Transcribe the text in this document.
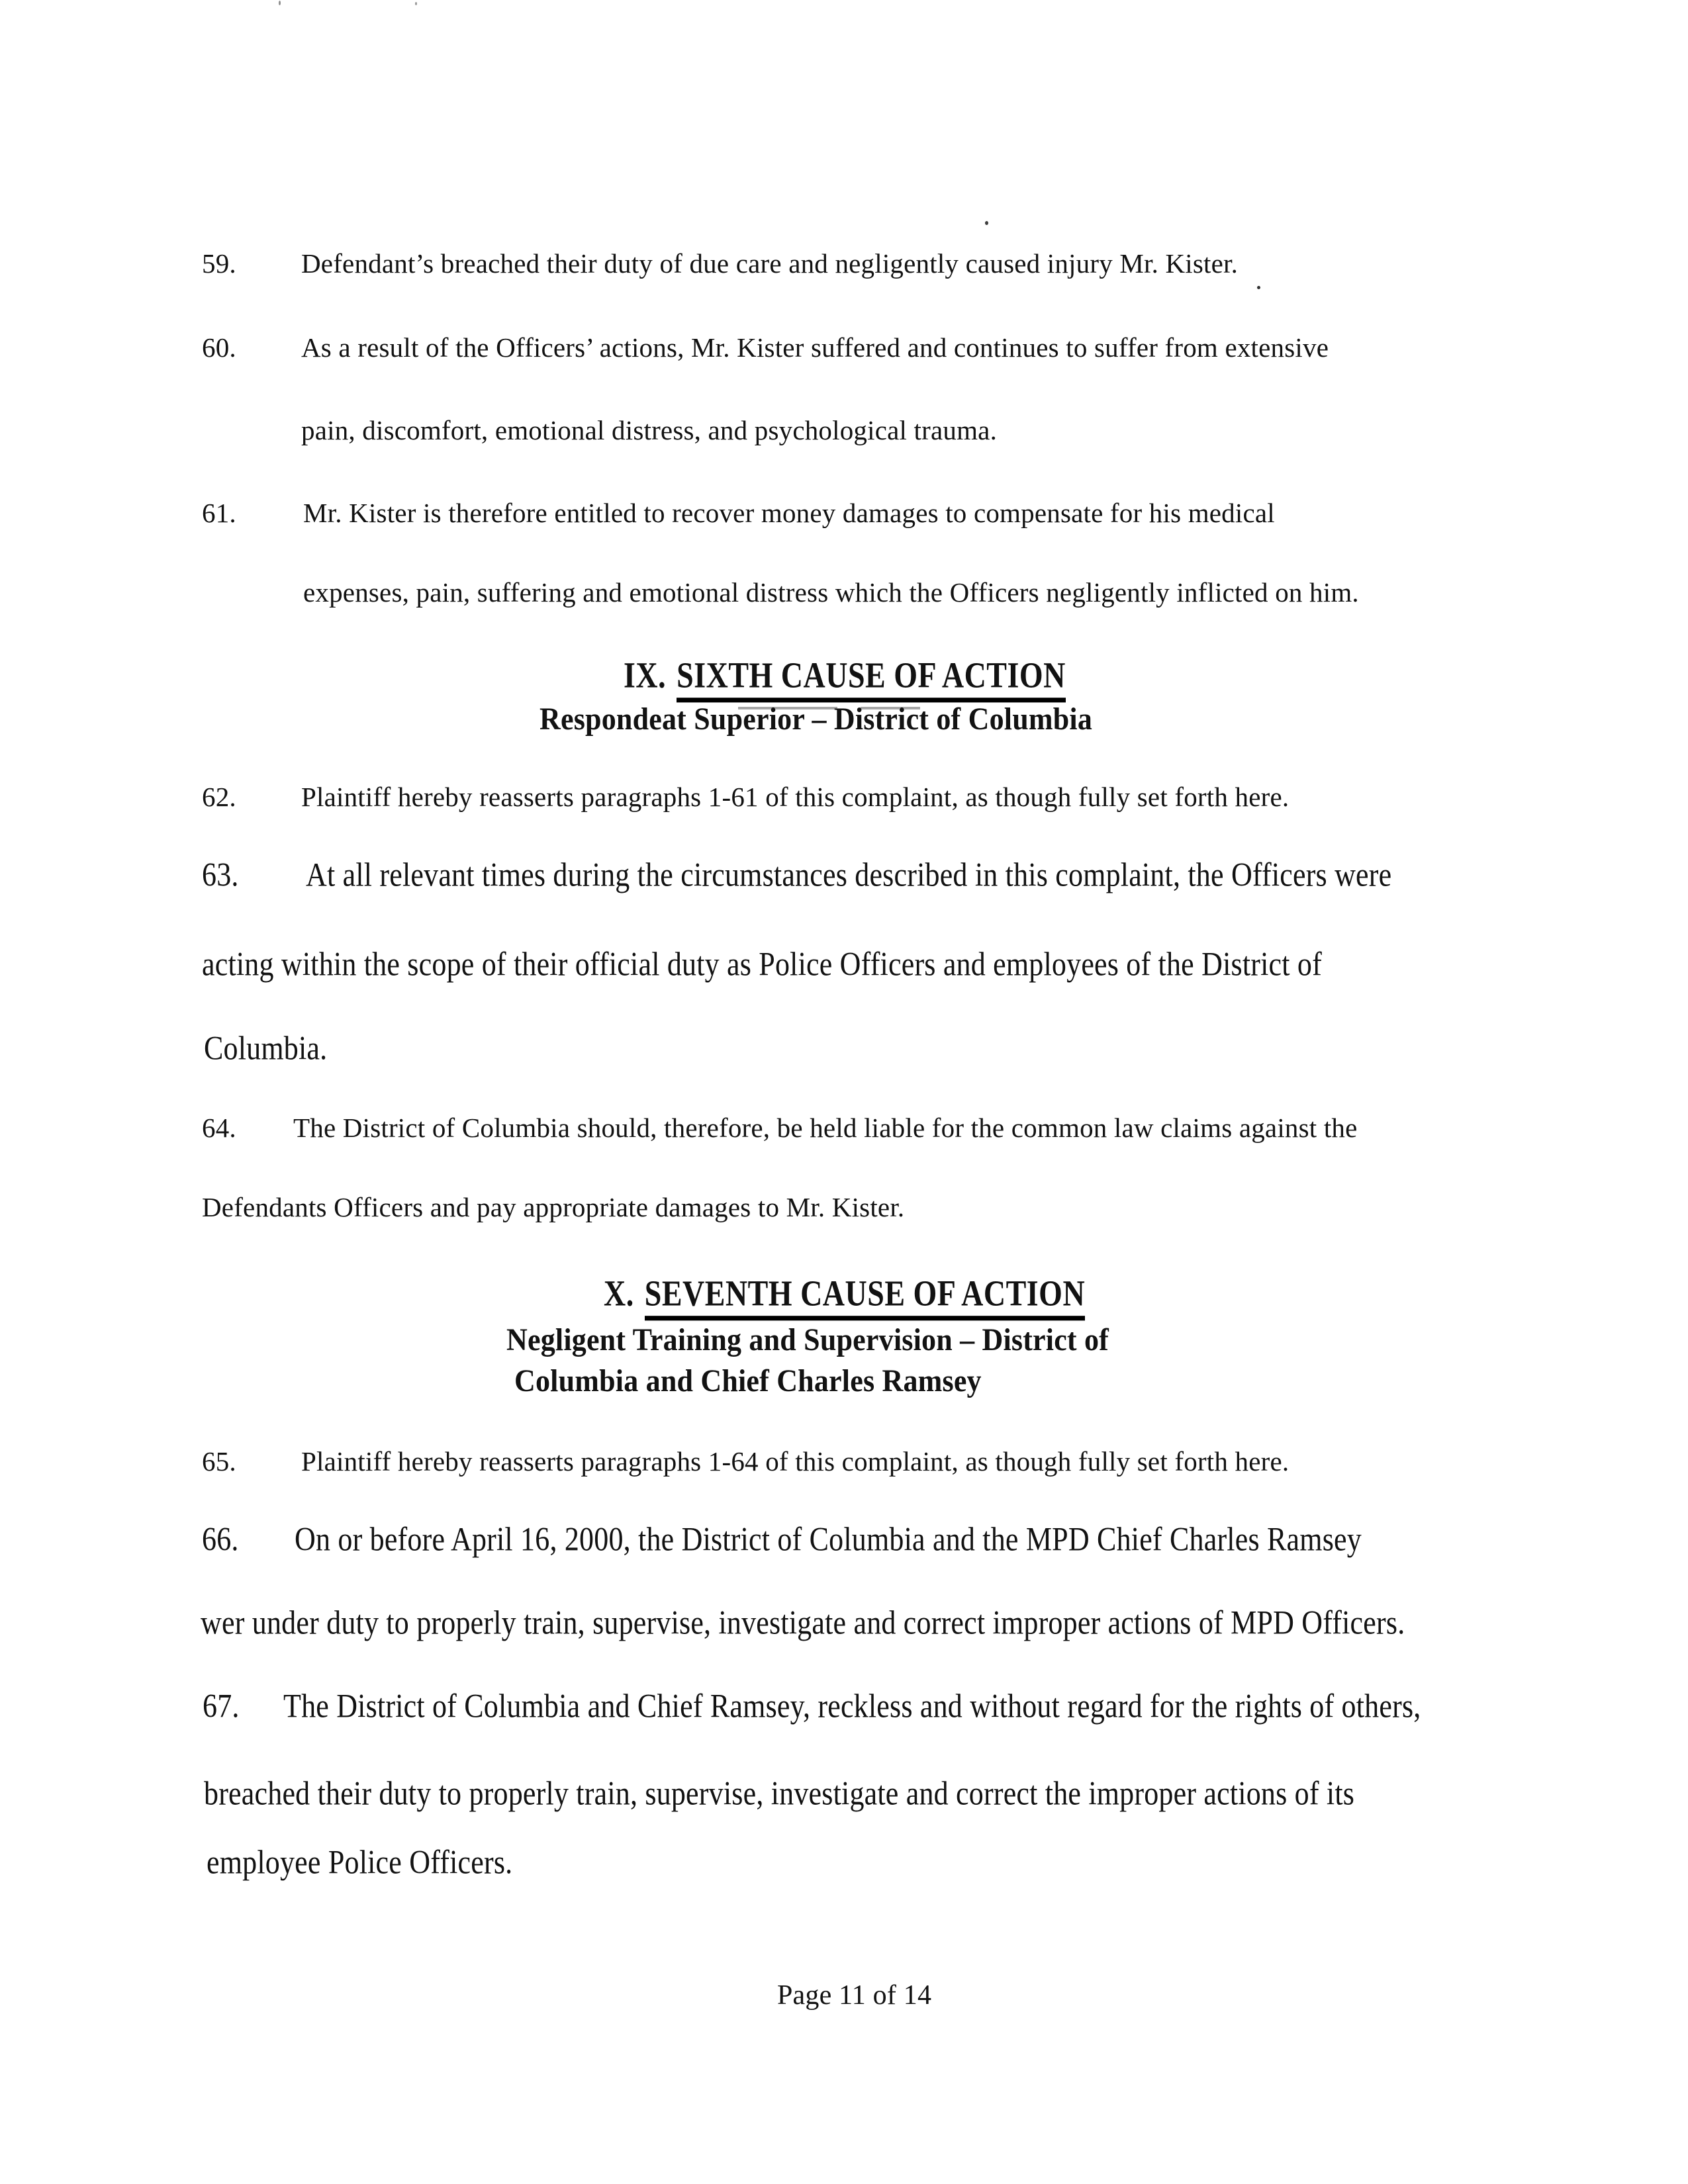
59. Defendant’s breached their duty of due care and negligently caused injury Mr. Kister.
60. As a result of the Officers’ actions, Mr. Kister suffered and continues to suffer from extensive
pain, discomfort, emotional distress, and psychological trauma.
61. Mr. Kister is therefore entitled to recover money damages to compensate for his medical
expenses, pain, suffering and emotional distress which the Officers negligently inflicted on him.
IX. SIXTH CAUSE OF ACTION
Respondeat Superior – District of Columbia
62. Plaintiff hereby reasserts paragraphs 1-61 of this complaint, as though fully set forth here.
63. At all relevant times during the circumstances described in this complaint, the Officers were
acting within the scope of their official duty as Police Officers and employees of the District of
Columbia.
64. The District of Columbia should, therefore, be held liable for the common law claims against the
Defendants Officers and pay appropriate damages to Mr. Kister.
X. SEVENTH CAUSE OF ACTION
Negligent Training and Supervision – District of
Columbia and Chief Charles Ramsey
65. Plaintiff hereby reasserts paragraphs 1-64 of this complaint, as though fully set forth here.
66. On or before April 16, 2000, the District of Columbia and the MPD Chief Charles Ramsey
wer under duty to properly train, supervise, investigate and correct improper actions of MPD Officers.
67. The District of Columbia and Chief Ramsey, reckless and without regard for the rights of others,
breached their duty to properly train, supervise, investigate and correct the improper actions of its
employee Police Officers.
Page 11 of 14
